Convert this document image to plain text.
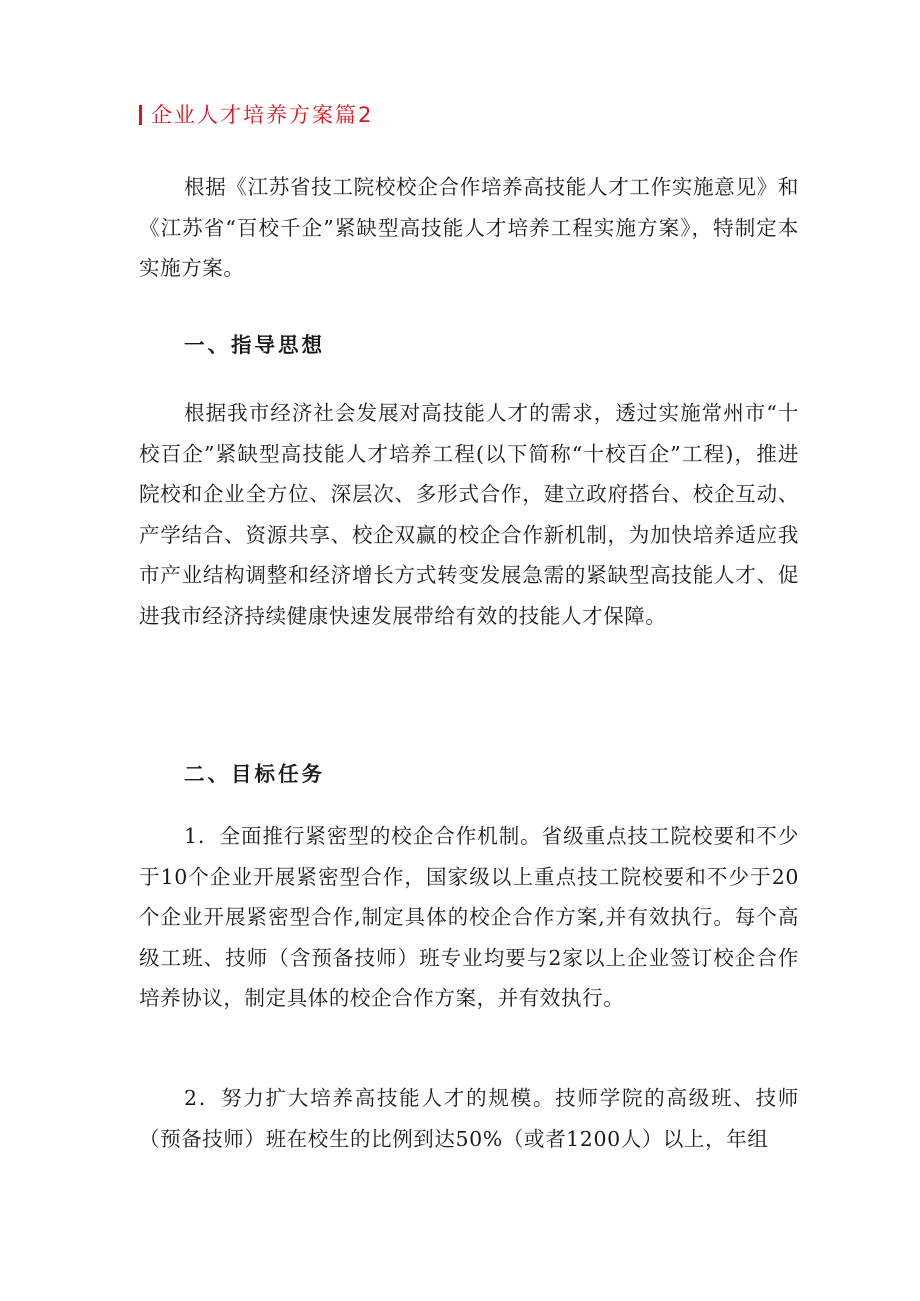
企业人才培养方案篇2

根据《江苏省技工院校校企合作培养高技能人才工作实施意见》和《江苏省“百校千企”紧缺型高技能人才培养工程实施方案》，特制定本实施方案。

一、指导思想

根据我市经济社会发展对高技能人才的需求，透过实施常州市“十校百企”紧缺型高技能人才培养工程(以下简称“十校百企”工程)，推进院校和企业全方位、深层次、多形式合作，建立政府搭台、校企互动、产学结合、资源共享、校企双赢的校企合作新机制，为加快培养适应我市产业结构调整和经济增长方式转变发展急需的紧缺型高技能人才、促进我市经济持续健康快速发展带给有效的技能人才保障。

二、目标任务

1．全面推行紧密型的校企合作机制。省级重点技工院校要和不少于10个企业开展紧密型合作，国家级以上重点技工院校要和不少于20个企业开展紧密型合作,制定具体的校企合作方案,并有效执行。每个高级工班、技师（含预备技师）班专业均要与2家以上企业签订校企合作培养协议，制定具体的校企合作方案，并有效执行。

2．努力扩大培养高技能人才的规模。技师学院的高级班、技师（预备技师）班在校生的比例到达50%（或者1200人）以上，年组
